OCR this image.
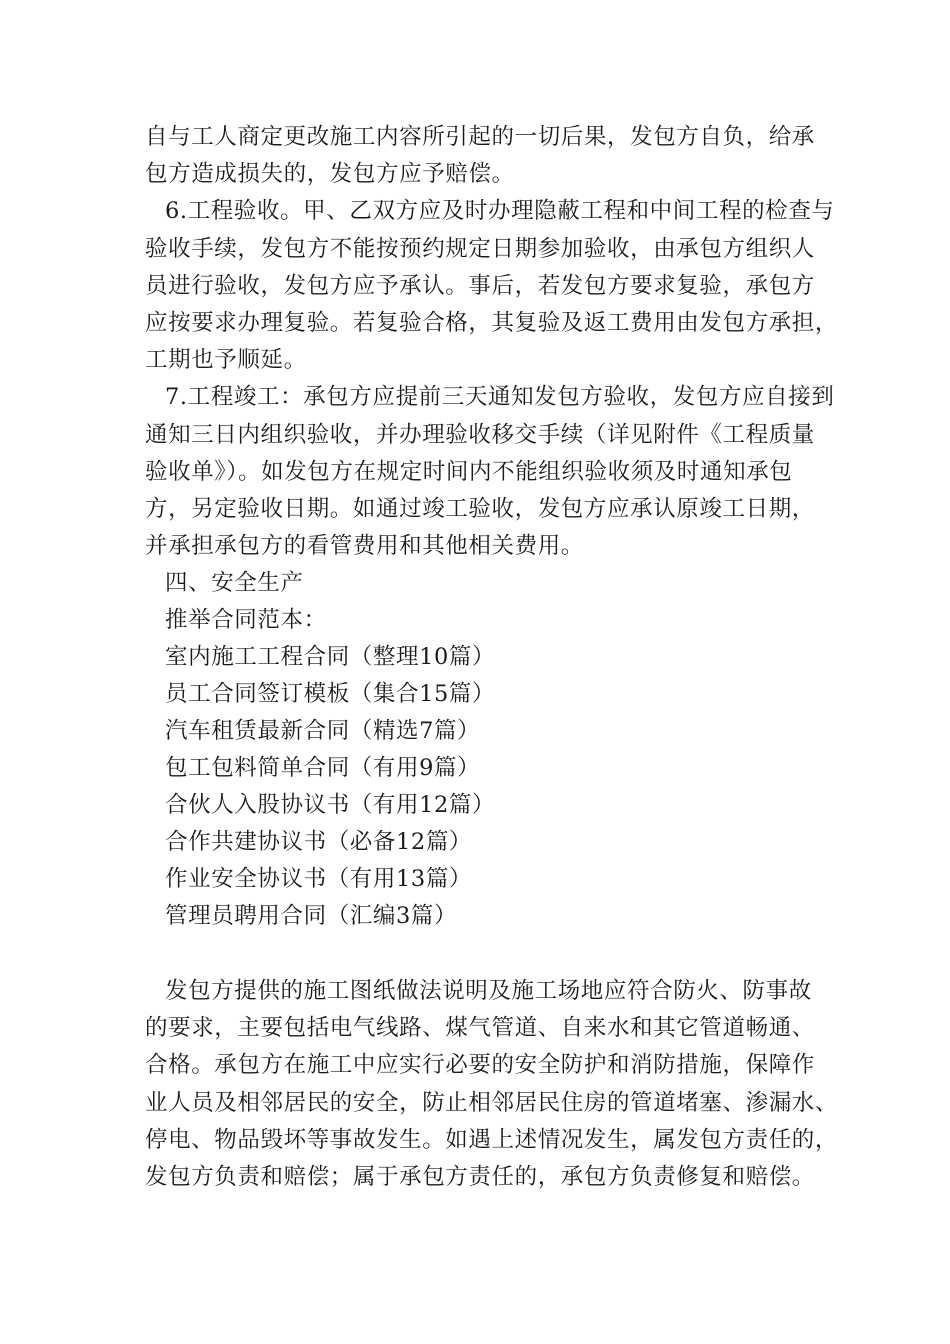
自与工人商定更改施工内容所引起的一切后果，发包方自负，给承
包方造成损失的，发包方应予赔偿。
6.工程验收。甲、乙双方应及时办理隐蔽工程和中间工程的检查与
验收手续，发包方不能按预约规定日期参加验收，由承包方组织人
员进行验收，发包方应予承认。事后，若发包方要求复验，承包方
应按要求办理复验。若复验合格，其复验及返工费用由发包方承担，
工期也予顺延。
7.工程竣工：承包方应提前三天通知发包方验收，发包方应自接到
通知三日内组织验收，并办理验收移交手续（详见附件《工程质量
验收单》）。如发包方在规定时间内不能组织验收须及时通知承包
方，另定验收日期。如通过竣工验收，发包方应承认原竣工日期，
并承担承包方的看管费用和其他相关费用。
四、安全生产
推举合同范本：
室内施工工程合同（整理10篇）
员工合同签订模板（集合15篇）
汽车租赁最新合同（精选7篇）
包工包料简单合同（有用9篇）
合伙人入股协议书（有用12篇）
合作共建协议书（必备12篇）
作业安全协议书（有用13篇）
管理员聘用合同（汇编3篇）
发包方提供的施工图纸做法说明及施工场地应符合防火、防事故
的要求，主要包括电气线路、煤气管道、自来水和其它管道畅通、
合格。承包方在施工中应实行必要的安全防护和消防措施，保障作
业人员及相邻居民的安全，防止相邻居民住房的管道堵塞、渗漏水、
停电、物品毁坏等事故发生。如遇上述情况发生，属发包方责任的，
发包方负责和赔偿；属于承包方责任的，承包方负责修复和赔偿。
